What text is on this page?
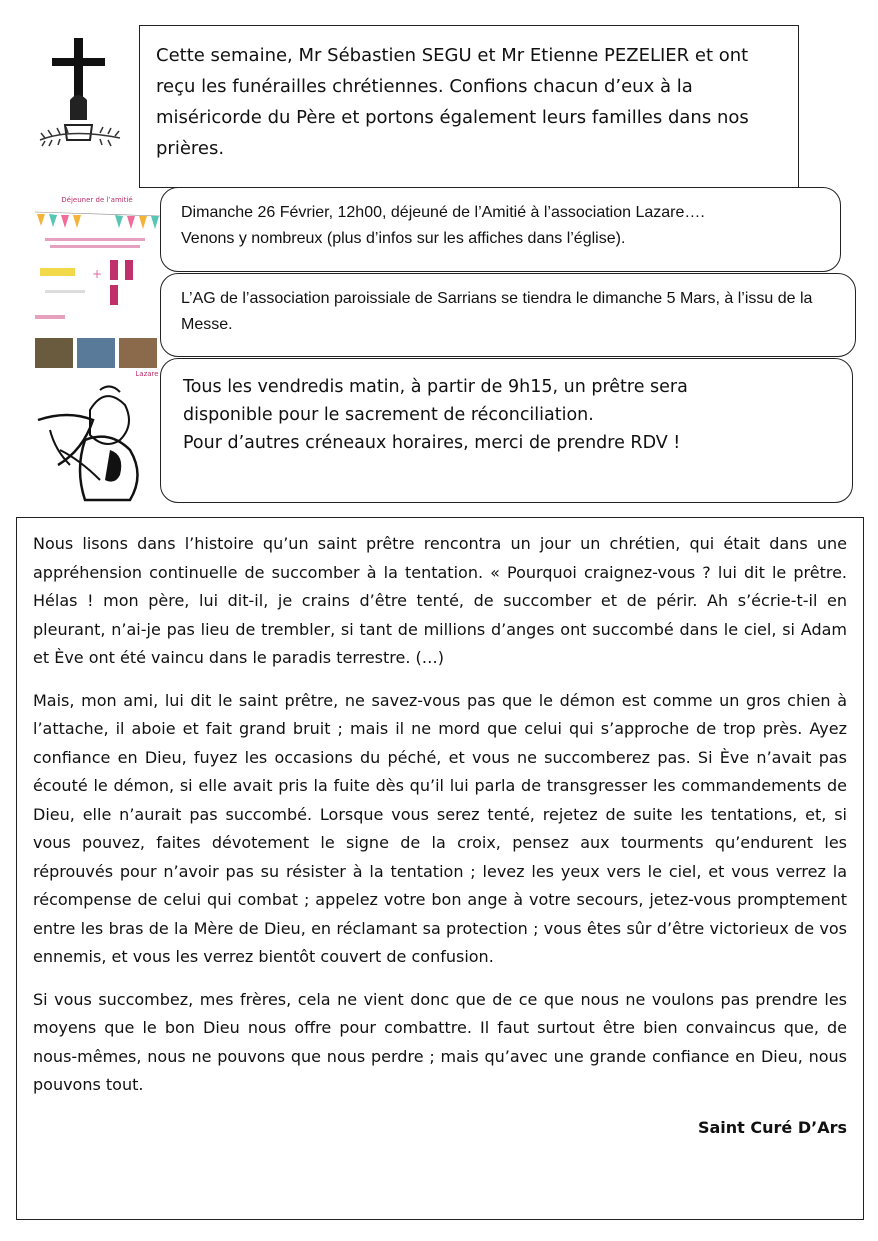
Déjeuner de l’amitié
+
Lazare

Cette semaine, Mr Sébastien SEGU et Mr Etienne PEZELIER et ont reçu les funérailles chrétiennes. Confions chacun d’eux à la miséricorde du Père et portons également leurs familles dans nos prières.

Dimanche 26 Février, 12h00, déjeuné de l’Amitié à l’association Lazare….

Venons y nombreux (plus d’infos sur les affiches dans l’église).

L’AG de l’association paroissiale de Sarrians se tiendra le dimanche 5 Mars, à l’issu de la Messe.

Tous les vendredis matin, à partir de 9h15, un prêtre sera

disponible pour le sacrement de réconciliation.

Pour d’autres créneaux horaires, merci de prendre RDV !

Nous lisons dans l’histoire qu’un saint prêtre rencontra un jour un chrétien, qui était dans une appréhension continuelle de succomber à la tentation. « Pourquoi craignez-vous ? lui dit le prêtre. Hélas ! mon père, lui dit-il, je crains d’être tenté, de succomber et de périr. Ah s’écrie-t-il en pleurant, n’ai-je pas lieu de trembler, si tant de millions d’anges ont succombé dans le ciel, si Adam et Ève ont été vaincu dans le paradis terrestre. (…)

Mais, mon ami, lui dit le saint prêtre, ne savez-vous pas que le démon est comme un gros chien à l’attache, il aboie et fait grand bruit ; mais il ne mord que celui qui s’approche de trop près. Ayez confiance en Dieu, fuyez les occasions du péché, et vous ne succomberez pas. Si Ève n’avait pas écouté le démon, si elle avait pris la fuite dès qu’il lui parla de transgresser les commandements de Dieu, elle n’aurait pas succombé. Lorsque vous serez tenté, rejetez de suite les tentations, et, si vous pouvez, faites dévotement le signe de la croix, pensez aux tourments qu’endurent les réprouvés pour n’avoir pas su résister à la tentation ; levez les yeux vers le ciel, et vous verrez la récompense de celui qui combat ; appelez votre bon ange à votre secours, jetez-vous promptement entre les bras de la Mère de Dieu, en réclamant sa protection ; vous êtes sûr d’être victorieux de vos ennemis, et vous les verrez bientôt couvert de confusion.

Si vous succombez, mes frères, cela ne vient donc que de ce que nous ne voulons pas prendre les moyens que le bon Dieu nous offre pour combattre. Il faut surtout être bien convaincus que, de nous-mêmes, nous ne pouvons que nous perdre ; mais qu’avec une grande confiance en Dieu, nous pouvons tout.

Saint Curé D’Ars
